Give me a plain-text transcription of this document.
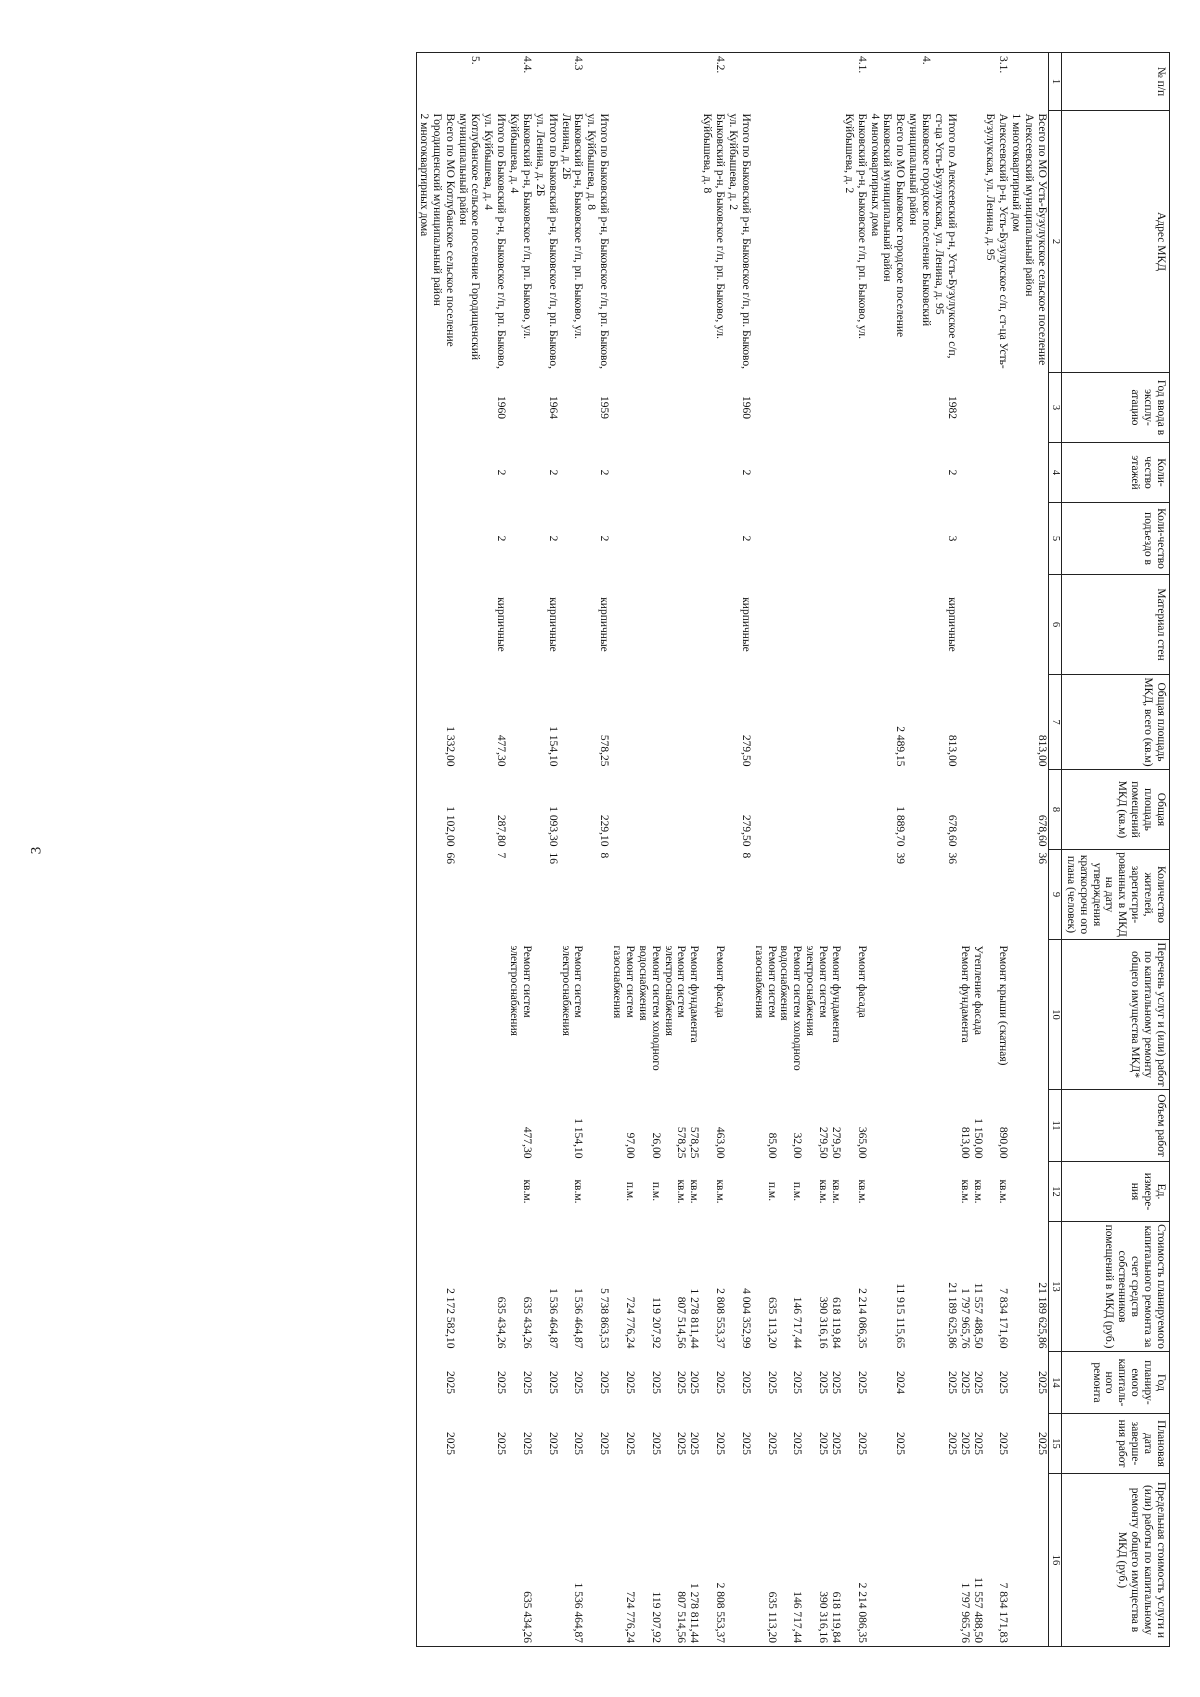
3
№ п/п	Адрес МКД	Год ввода в эксплу-атацию	Коли-чество этажей	Коли-чество подъездо в	Материал стен	Общая площадь МКД, всего (кв.м)	Общая площадь помещений МКД (кв.м)	Количество жителей, зарегистри-рованных в МКД на дату утверждения краткосрочн ого плана (человек)	Перечень услуг и (или) работ по капитальному ремонту общего имущества МКД*	Объем работ	Ед. измере-ния	Стоимость планируемого капитального ремонта за счет средств собственников помещений в МКД (руб.)	Год планиру-емого капиталь-ного ремонта	Плановая дата заверше-ния работ	Предельная стоимость услуги и (или) работы по капитальному ремонту общего имущества в МКД (руб.)
1	2	3	4	5	6	7	8	9	10	11	12	13	14	15	16
	Всего по МО Усть-Бузулукское сельское поселение Алексеевский муниципальный район					813,00	678,60	36				21 189 625,86	2025	2025	
	1 многоквартирный дом														
3.1.	Алексеевский р-н, Усть-Бузулукское с/п, ст-ца Усть-Бузулукская, ул. Ленина, д. 95								Ремонт крыши (скатная)	890,00	кв.м.	7 834 171,60	2025	2025	7 834 171,83
									Утепление фасада	1 150,00	кв.м.	11 557 488,50	2025	2025	11 557 488,50
									Ремонт фундамента	813,00	кв.м.	1 797 965,76	2025	2025	1 797 965,76
	Итого по Алексеевский р-н, Усть-Бузулукское с/п, ст-ца Усть-Бузулукская, ул. Ленина, д. 95	1982	2	3	кирпичные	813,00	678,60	36				21 189 625,86	2025	2025	
4.	Быковское городское поселение Быковский муниципальный район														
	Всего по МО Быковское городское поселение Быковский муниципальный район					2 489,15	1 889,70	39				11 915 115,65	2024	2025	
	4 многоквартирных дома														
4.1.	Быковский р-н, Быковское г/п, рп. Быково, ул. Куйбышева, д. 2								Ремонт фасада	365,00	кв.м.	2 214 086,35	2025	2025	2 214 086,35
									Ремонт фундамента	279,50	кв.м.	618 119,84	2025	2025	618 119,84
									Ремонт систем электроснабжения	279,50	кв.м.	390 316,16	2025	2025	390 316,16
									Ремонт систем холодного водоснабжения	32,00	п.м.	146 717,44	2025	2025	146 717,44
									Ремонт систем газоснабжения	85,00	п.м.	635 113,20	2025	2025	635 113,20
	Итого по Быковский р-н, Быковское г/п, рп. Быково, ул. Куйбышева, д. 2	1960	2	2	кирпичные	279,50	279,50	8				4 004 352,99	2025	2025	
4.2.	Быковский р-н, Быковское г/п, рп. Быково, ул. Куйбышева, д. 8								Ремонт фасада	463,00	кв.м.	2 808 553,37	2025	2025	2 808 553,37
									Ремонт фундамента	578,25	кв.м.	1 278 811,44	2025	2025	1 278 811,44
									Ремонт систем электроснабжения	578,25	кв.м.	807 514,56	2025	2025	807 514,56
									Ремонт систем холодного водоснабжения	26,00	п.м.	119 207,92	2025	2025	119 207,92
									Ремонт систем газоснабжения	97,00	п.м.	724 776,24	2025	2025	724 776,24
	Итого по Быковский р-н, Быковское г/п, рп. Быково, ул. Куйбышева, д. 8	1959	2	2	кирпичные	578,25	229,10	8				5 738 863,53	2025	2025	
4.3	Быковский р-н, Быковское г/п, рп. Быково, ул. Ленина, д. 2Б								Ремонт систем электроснабжения	1 154,10	кв.м.	1 536 464,87	2025	2025	1 536 464,87
	Итого по Быковский р-н, Быковское г/п, рп. Быково, ул. Ленина, д. 2Б	1964	2	2	кирпичные	1 154,10	1 093,30	16				1 536 464,87	2025	2025	
4.4.	Быковский р-н, Быковское г/п, рп. Быково, ул. Куйбышева, д. 4								Ремонт систем электроснабжения	477,30	кв.м.	635 434,26	2025	2025	635 434,26
	Итого по Быковский р-н, Быковское г/п, рп. Быково, ул. Куйбышева, д. 4	1960	2	2	кирпичные	477,30	287,80	7				635 434,26	2025	2025	
5.	Котлубанское сельское поселение Городищенский муниципальный район														
	Всего по МО Котлубанское сельское поселение Городищенский муниципальный район					1 332,00	1 102,00	66				2 172 582,10	2025	2025	
	2 многоквартирных дома														
